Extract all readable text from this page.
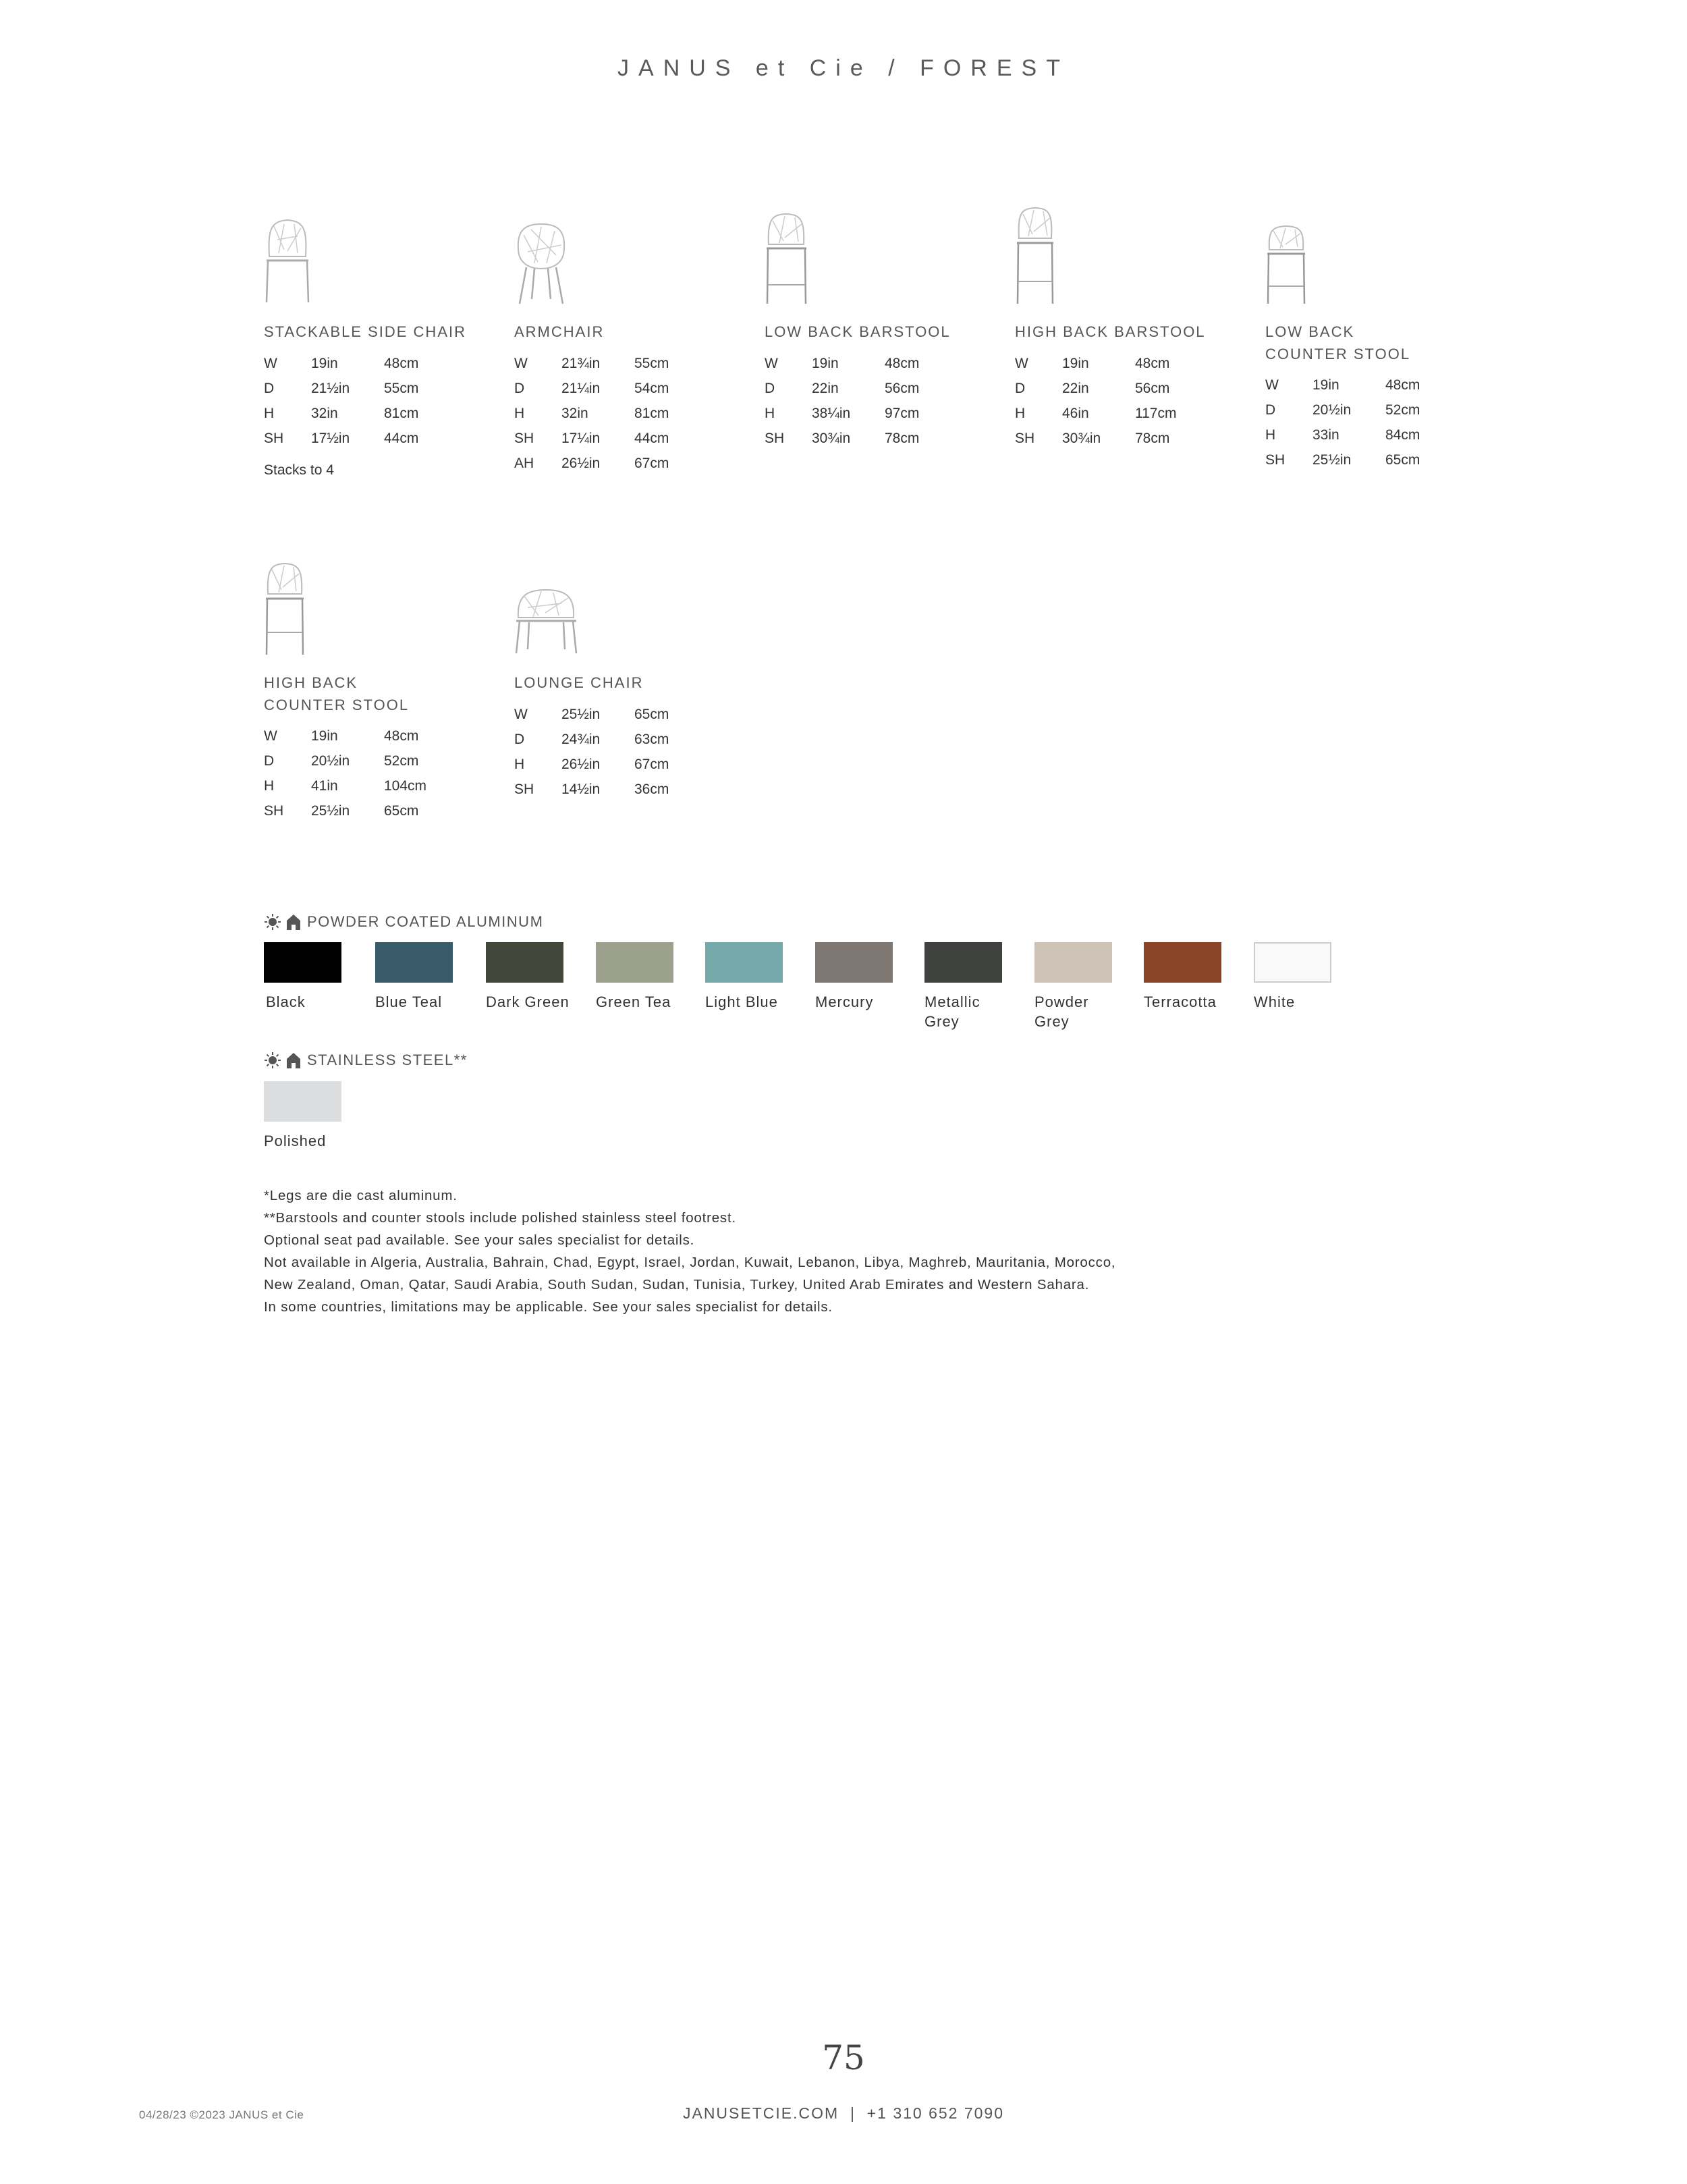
JANUS et Cie / FOREST
STACKABLE SIDE CHAIR
W 19in	48cm
D	21½in 55cm
H	32in	81cm
SH 17½in 44cm
Stacks to 4
ARMCHAIR
W 21¾in 55cm
D	21¼in 54cm
H	32in	81cm
SH 17¼in 44cm
AH 26½in 67cm
LOW BACK BARSTOOL
W 19in	48cm
D	22in	56cm
H	38¼in 97cm
SH 30¾in 78cm
HIGH BACK BARSTOOL
W 19in	48cm
D	22in	56cm
H	46in	117cm
SH 30¾in 78cm
LOW BACK
COUNTER STOOL
W 19in	48cm
D	20½in 52cm
H	33in	84cm
SH 25½in 65cm
HIGH BACK
COUNTER STOOL
W 19in	48cm
D	20½in 52cm
H	41in	104cm
SH 25½in 65cm
LOUNGE CHAIR
W 25½in 65cm
D	24¾in 63cm
H	26½in 67cm
SH 14½in 36cm
POWDER COATED ALUMINUM
Black	Blue Teal	Dark Green	Green Tea	Light Blue	Mercury	Metallic
Grey
Powder
Grey
Terracotta	White
STAINLESS STEEL**
Polished
*Legs are die cast aluminum.
**Barstools and counter stools include polished stainless steel footrest.
Optional seat pad available. See your sales specialist for details.
Not available in Algeria, Australia, Bahrain, Chad, Egypt, Israel, Jordan, Kuwait, Lebanon, Libya, Maghreb, Mauritania, Morocco,
New Zealand, Oman, Qatar, Saudi Arabia, South Sudan, Sudan, Tunisia, Turkey, United Arab Emirates and Western Sahara.
In some countries, limitations may be applicable. See your sales specialist for details.
75
04/28/23 ©2023 JANUS et Cie	JANUSETCIE.COM  |  +1 310 652 7090
